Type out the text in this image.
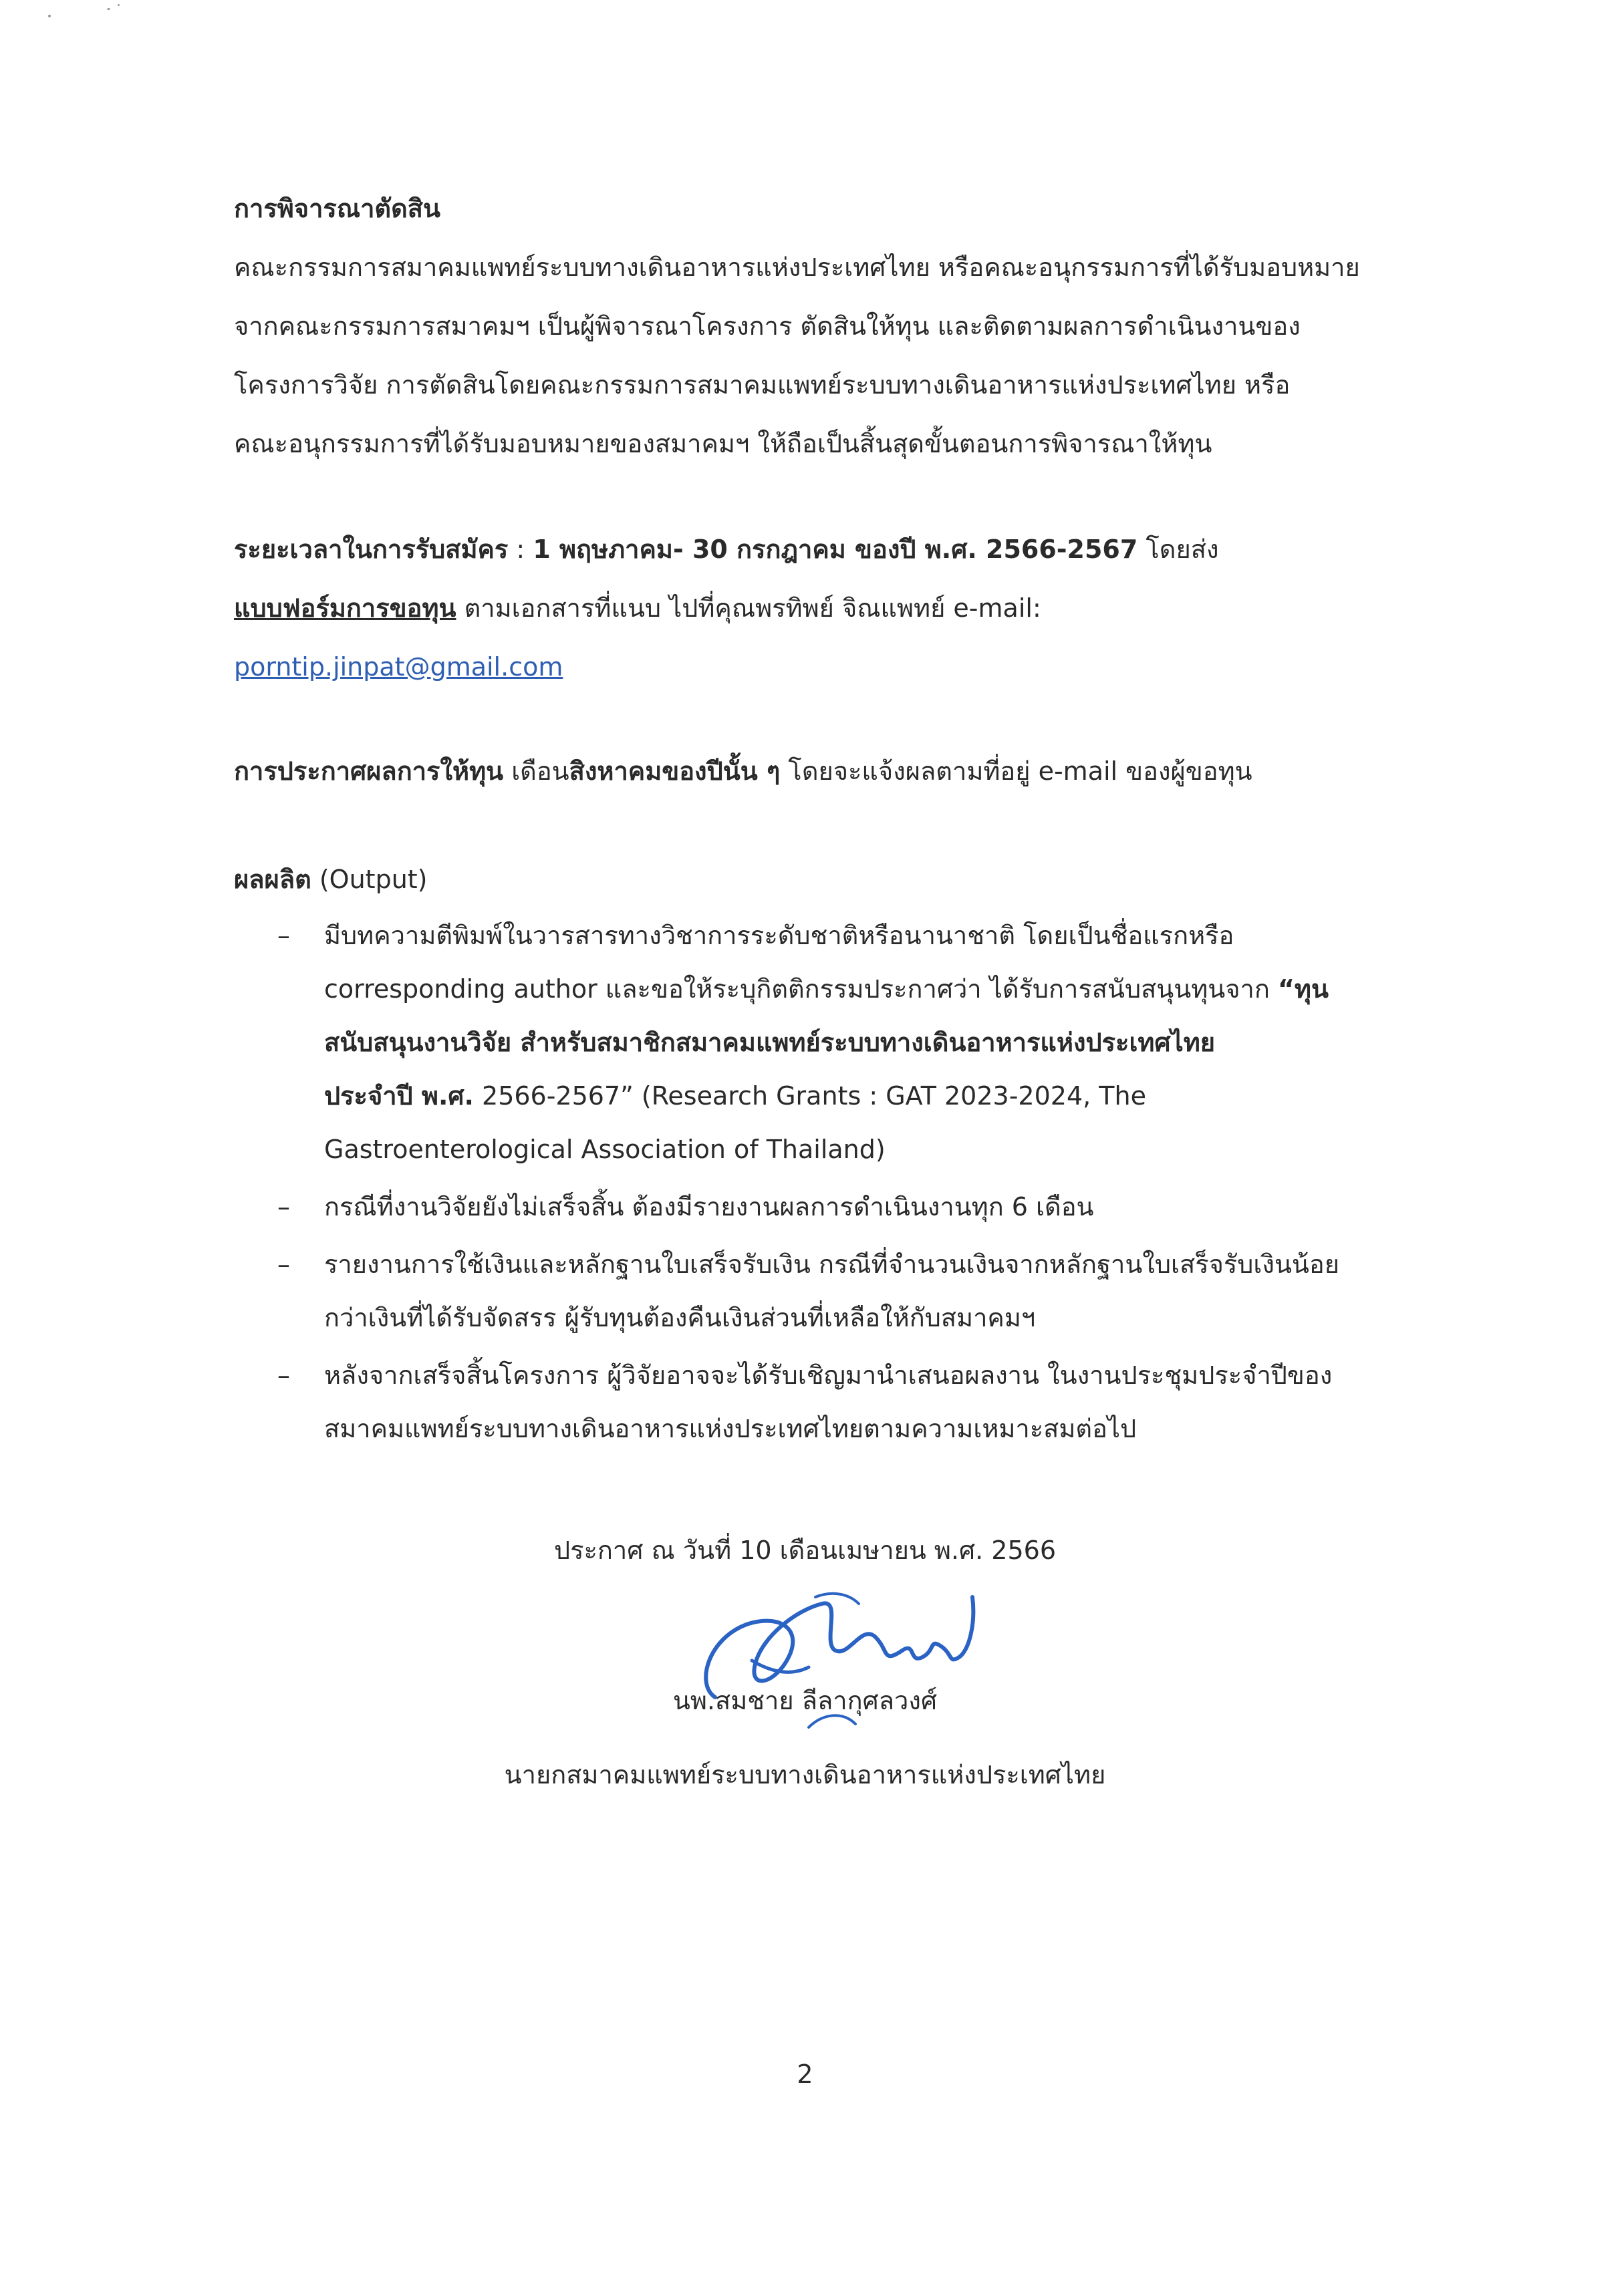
การพิจารณาตัดสิน
คณะกรรมการสมาคมแพทย์ระบบทางเดินอาหารแห่งประเทศไทย หรือคณะอนุกรรมการที่ได้รับมอบหมาย
จากคณะกรรมการสมาคมฯ เป็นผู้พิจารณาโครงการ ตัดสินให้ทุน และติดตามผลการดำเนินงานของ
โครงการวิจัย การตัดสินโดยคณะกรรมการสมาคมแพทย์ระบบทางเดินอาหารแห่งประเทศไทย หรือ
คณะอนุกรรมการที่ได้รับมอบหมายของสมาคมฯ ให้ถือเป็นสิ้นสุดขั้นตอนการพิจารณาให้ทุน
ระยะเวลาในการรับสมัคร : 1 พฤษภาคม- 30 กรกฎาคม ของปี พ.ศ. 2566-2567 โดยส่ง
แบบฟอร์มการขอทุน ตามเอกสารที่แนบ ไปที่คุณพรทิพย์ จิณแพทย์ e-mail:
porntip.jinpat@gmail.com
การประกาศผลการให้ทุน เดือนสิงหาคมของปีนั้น ๆ โดยจะแจ้งผลตามที่อยู่ e-mail ของผู้ขอทุน
ผลผลิต (Output)
– มีบทความตีพิมพ์ในวารสารทางวิชาการระดับชาติหรือนานาชาติ โดยเป็นชื่อแรกหรือ
corresponding author และขอให้ระบุกิตติกรรมประกาศว่า ได้รับการสนับสนุนทุนจาก “ทุน
สนับสนุนงานวิจัย สำหรับสมาชิกสมาคมแพทย์ระบบทางเดินอาหารแห่งประเทศไทย
ประจำปี พ.ศ. 2566-2567” (Research Grants : GAT 2023-2024, The
Gastroenterological Association of Thailand)
– กรณีที่งานวิจัยยังไม่เสร็จสิ้น ต้องมีรายงานผลการดำเนินงานทุก 6 เดือน
– รายงานการใช้เงินและหลักฐานใบเสร็จรับเงิน กรณีที่จำนวนเงินจากหลักฐานใบเสร็จรับเงินน้อย
กว่าเงินที่ได้รับจัดสรร ผู้รับทุนต้องคืนเงินส่วนที่เหลือให้กับสมาคมฯ
– หลังจากเสร็จสิ้นโครงการ ผู้วิจัยอาจจะได้รับเชิญมานำเสนอผลงาน ในงานประชุมประจำปีของ
สมาคมแพทย์ระบบทางเดินอาหารแห่งประเทศไทยตามความเหมาะสมต่อไป
ประกาศ ณ วันที่ 10 เดือนเมษายน พ.ศ. 2566
นพ.สมชาย ลีลากุศลวงศ์
นายกสมาคมแพทย์ระบบทางเดินอาหารแห่งประเทศไทย
2
